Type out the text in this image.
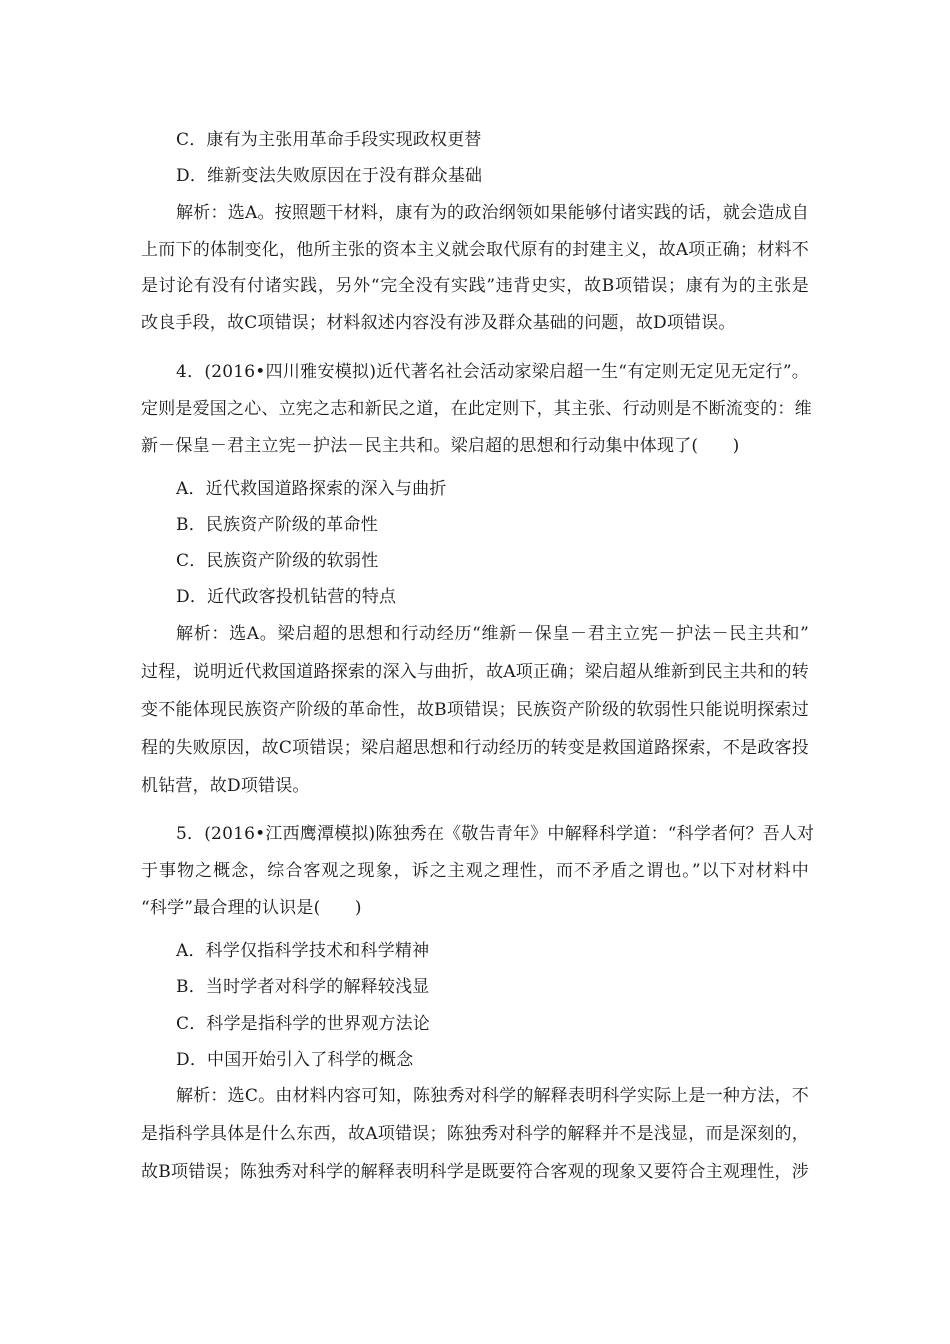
C．康有为主张用革命手段实现政权更替
D．维新变法失败原因在于没有群众基础
解析：选A。按照题干材料，康有为的政治纲领如果能够付诸实践的话，就会造成自
上而下的体制变化，他所主张的资本主义就会取代原有的封建主义，故A项正确；材料不
是讨论有没有付诸实践，另外“完全没有实践”违背史实，故B项错误；康有为的主张是
改良手段，故C项错误；材料叙述内容没有涉及群众基础的问题，故D项错误。
4．(2016•四川雅安模拟)近代著名社会活动家梁启超一生“有定则无定见无定行”。
定则是爱国之心、立宪之志和新民之道，在此定则下，其主张、行动则是不断流变的：维
新－保皇－君主立宪－护法－民主共和。梁启超的思想和行动集中体现了(　　)
A．近代救国道路探索的深入与曲折
B．民族资产阶级的革命性
C．民族资产阶级的软弱性
D．近代政客投机钻营的特点
解析：选A。梁启超的思想和行动经历“维新－保皇－君主立宪－护法－民主共和”
过程，说明近代救国道路探索的深入与曲折，故A项正确；梁启超从维新到民主共和的转
变不能体现民族资产阶级的革命性，故B项错误；民族资产阶级的软弱性只能说明探索过
程的失败原因，故C项错误；梁启超思想和行动经历的转变是救国道路探索，不是政客投
机钻营，故D项错误。
5．(2016•江西鹰潭模拟)陈独秀在《敬告青年》中解释科学道：“科学者何？吾人对
于事物之概念，综合客观之现象，诉之主观之理性，而不矛盾之谓也。”以下对材料中
“科学”最合理的认识是(　　)
A．科学仅指科学技术和科学精神
B．当时学者对科学的解释较浅显
C．科学是指科学的世界观方法论
D．中国开始引入了科学的概念
解析：选C。由材料内容可知，陈独秀对科学的解释表明科学实际上是一种方法，不
是指科学具体是什么东西，故A项错误；陈独秀对科学的解释并不是浅显，而是深刻的，
故B项错误；陈独秀对科学的解释表明科学是既要符合客观的现象又要符合主观理性，涉
